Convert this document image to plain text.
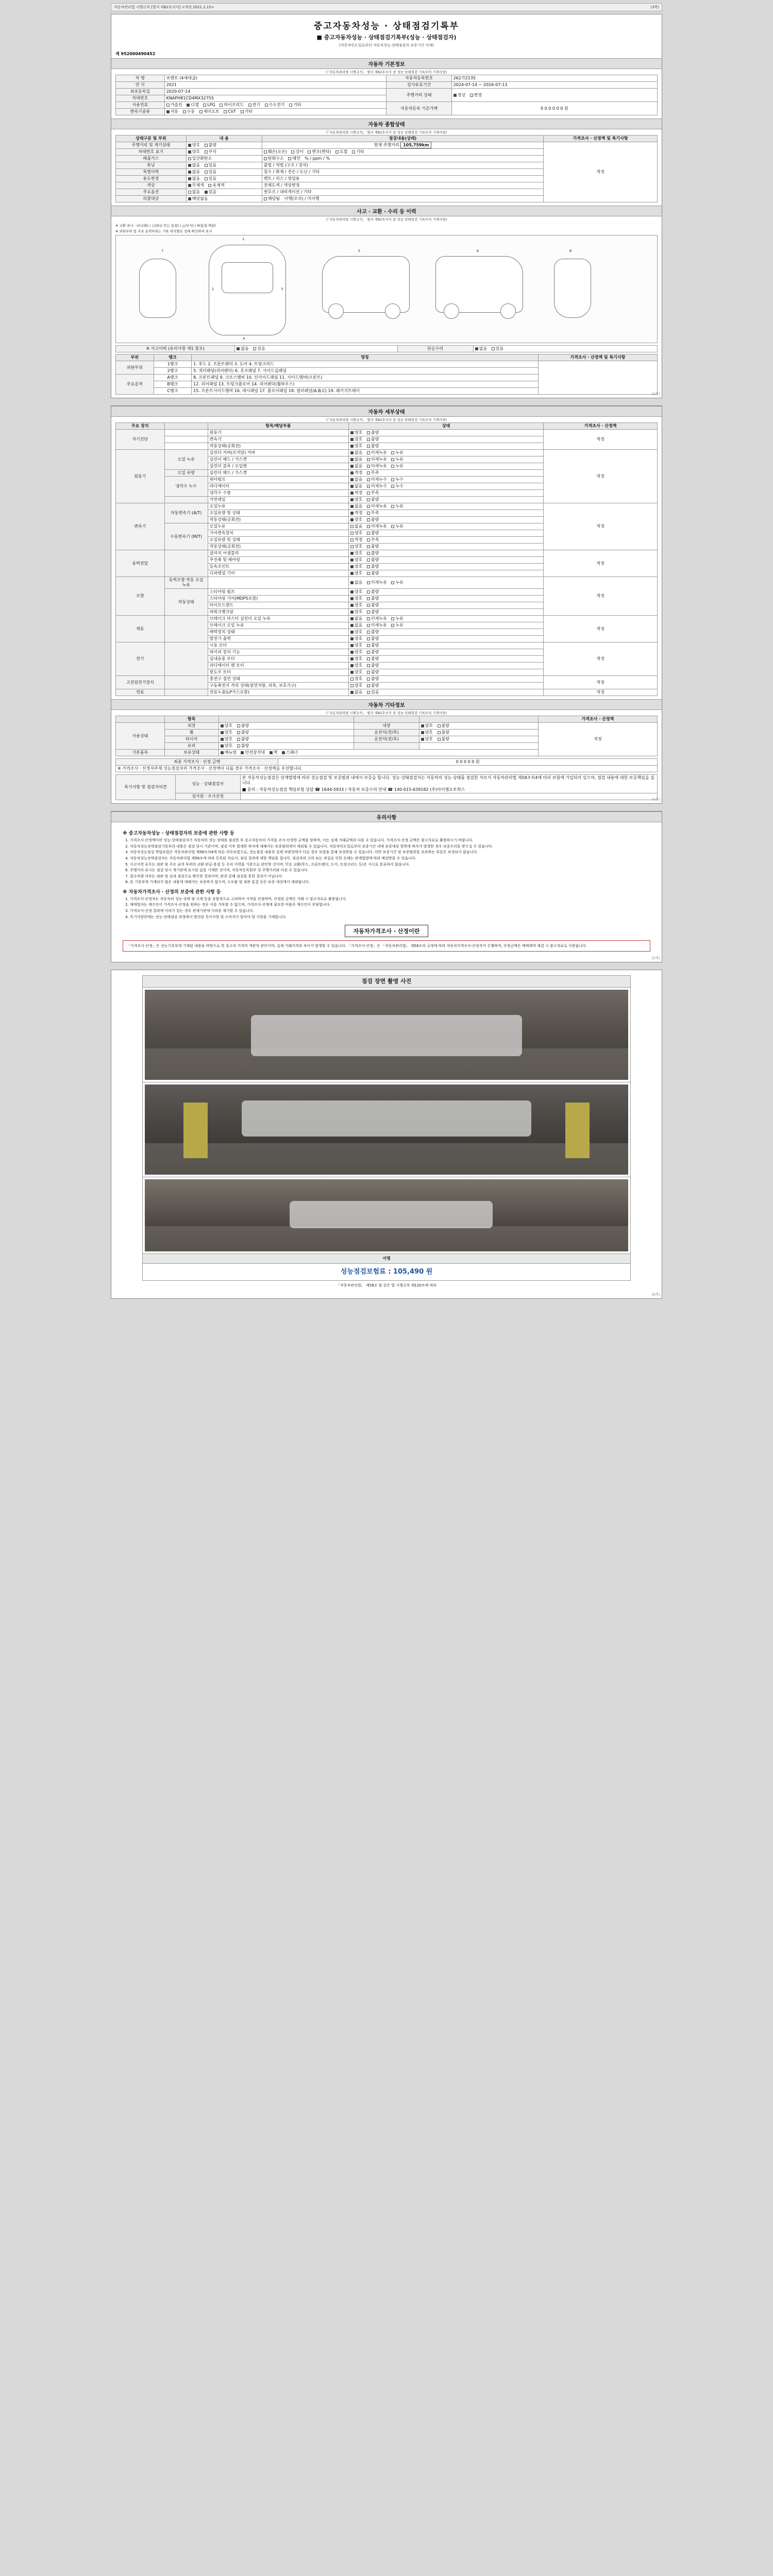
자동차관리법 시행규칙 [별지 제82호서식] <개정 2021.1.15>	(3쪽)
중고자동차성능 · 상태점검기록부
■ 중고자동차성능 · 상태점검기록부(성능 · 상태점검자)
(자동차인도일로부터 자동차성능·상태점검자 보증기간 이내)
제 952000490452
자동차 기본정보
(「자동차관리법 시행규칙」 별지 제82호서식 중 성능·상태점검 기록부의 기재사항)
차 명	쏘렌토 (4세대급)	자동차등록번호	262가2135
연 식	2021	검사유효기간	2024-07-14 ~ 2026-07-13
최초등록일	2020-07-14	주행거리 상태	정상 변경
차대번호	KNAPH81CD4MX32755		
사용연료	가솔린 디젤 LPG 하이브리드 전기 수소전기 기타	자동차등록 기준가액	0 0 0 0 0 0 원
변속기종류	자동 수동 세미오토 CVT 기타		
자동차 종합상태
(「자동차관리법 시행규칙」 별지 제82호서식 중 성능·상태점검 기록부의 기재사항)
상태구분 및 부위	내 용	점검내용(상태)	가격조사 · 산정액 및 특기사항
주행거리 및 계기상태	양호 불량	현재 주행거리 105,759km	적정
차대번호 표기	양호 부식	훼손(오손) 상이 변조(변타) 도말 기타	
배출가스	일산화탄소	탄화수소 매연 % / ppm / %	
튜닝	없음 있음	불법 / 적법 (구조 / 장치)	
특별이력	없음 있음	침수 / 화재 / 전손 / 도난 / 기타	
용도변경	없음 있음	렌트 / 리스 / 영업용	
색상	무채색 유채색	전체도색 / 색상변경	
주요옵션	없음 있음	썬루프 / 내비게이션 / 기타	
리콜대상	해당없음	해당됨 이행(조치) / 미이행	
사고 · 교환 · 수리 등 이력
(「자동차관리법 시행규칙」 별지 제82호서식 중 성능·상태점검 기록부의 기재사항)
※ 교환 표시 : ⊙(교환) / ○(판금 또는 용접) / △(부식) / X(흠집·깨짐)
※ 외판부위 및 주요 골격부위는 기록 위치별로 상태 확인하여 표시
1
2	3
4
5	6
7	8
※ 사고이력 (유의사항 제1 참조)	없음 있음	단순수리	없음 있음
부위	랭크	명칭	가격조사 · 산정액 및 특기사항
외판부위	1랭크	1. 후드 2. 프론트펜더 3. 도어 4. 트렁크리드	
	2랭크	5. 쿼터패널(리어펜더) 6. 루프패널 7. 사이드실패널	
주요골격	A랭크	8. 프론트패널 9. 크로스멤버 10. 인사이드패널 11. 사이드멤버(프론트)	
	B랭크	12. 리어패널 13. 트렁크플로어 14. 리어펜더(휠하우스)	
	C랭크	15. 프론트사이드멤버 16. 대시패널 17. 플로어패널 18. 필러패널(A,B,C) 19. 패키지트레이	
(3쪽)
자동차 세부상태
(「자동차관리법 시행규칙」 별지 제82호서식 중 성능·상태점검 기록부의 기재사항)
주요 장치		항목/해당부품	상태	가격조사 · 산정액
자기진단		원동기	양호 불량	적정
		변속기	양호 불량	
		작동상태(공회전)	양호 불량	
원동기	오일 누유	실린더 커버(로커암) 커버	없음 미세누유 누유	적정
		실린더 헤드 / 가스켓	없음 미세누유 누유	
		실린더 블록 / 오일팬	없음 미세누유 누유	
	오일 유량	실린더 헤드 / 가스켓	적정 부족	
	냉각수 누수	워터펌프	없음 미세누수 누수	
		라디에이터	없음 미세누수 누수	
		냉각수 수량	적정 부족	
		커먼레일	양호 불량	
변속기	자동변속기 (A/T)	오일누유	없음 미세누유 누유	적정
		오일유량 및 상태	적정 부족	
		작동상태(공회전)	양호 불량	
	수동변속기 (M/T)	오일누유	없음 미세누유 누유	
		기어변속장치	양호 불량	
		오일유량 및 상태	적정 부족	
		작동상태(공회전)	양호 불량	
동력전달		클러치 어셈블리	양호 불량	적정
		추진축 및 베어링	양호 불량	
		등속조인트	양호 불량	
		디퍼렌셜 기어	양호 불량	
조향	동력조향 작동 오일 누유		없음 미세누유 누유	적정
	작동상태	스티어링 펌프	양호 불량	
		스티어링 기어(MDPS포함)	양호 불량	
		타이로드엔드	양호 불량	
		파워크랭크암	양호 불량	
제동		브레이크 마스터 실린더 오일 누유	없음 미세누유 누유	적정
		브레이크 오일 누유	없음 미세누유 누유	
		배력장치 상태	양호 불량	
		발전기 출력	양호 불량	
전기		시동 모터	양호 불량	적정
		와이퍼 장치 기능	양호 불량	
		실내송풍 모터	양호 불량	
		라디에이터 팬 모터	양호 불량	
		윈도우 모터	양호 불량	
고전원전기장치		충전구 절연 상태	양호 불량	적정
		구동축전지 격리 상태(절연저항, 피복, 보호기구)	양호 불량	
연료		연료누출(LP가스포함)	없음 있음	적정
자동차 기타정보
(「자동차관리법 시행규칙」 별지 제82호서식 중 성능·상태점검 기록부의 기재사항)
	항목				가격조사 · 산정액
사용상태	외장	양호 불량	내장	양호 불량	적정
	휠	양호 불량	운전석(전/후)	양호 불량	
	타이어	양호 불량	운전석(전/후)	양호 불량	
	유리	양호 불량			
기본품목	보유상태	매뉴얼 안전삼각대 잭 스패너			
최종 가격조사 · 산정 금액	0 0 0 0 0 원
※ 가격조사 · 산정자주체 성능점검자의 가격조사 · 산정액이 다를 경우 가격조사 · 산정액을 우선합니다.
특기사항 및 점검자의견	성능 · 상태점검자	본 자동차성능점검은 관계법령에 따라 성능점검 및 보증범위 내에서 보증을 합니다. 성능·상태점검자는 자동차의 성능·상태를 점검한 자로서 자동차관리법 제58조의4에 따라 보험에 가입되어 있으며, 점검 내용에 대한 보증책임을 집니다.
■ 문의 : 자동차성능점검 책임보험 상담 ☎ 1644-5933 / 자동차 보증수리 안내 ☎ 140-015-639182 (주)아이엠오토웍스

	검사원 · 조사산정	
(4쪽)
유의사항
※ 중고자동차성능 · 상태점검자의 보증에 관한 사항 등
1. 가격조사·산정액이란 성능·상태점검자가 자동차의 성능·상태를 점검한 후 중고자동차의 가격을 조사·산정한 금액을 말하며, 이는 실제 거래금액과 다를 수 있습니다. 가격조사·산정 금액은 참고자료로 활용하시기 바랍니다.
2. 자동차성능상태점검기록부의 내용은 점검 당시 기준이며, 점검 이후 발생한 하자에 대해서는 보증범위에서 제외될 수 있습니다. 자동차인도일로부터 보증기간 내에 보증대상 항목에 하자가 발생한 경우 보증수리를 받으실 수 있습니다.
3. 자동차성능점검 책임보험은 자동차관리법 제58조의4에 따른 의무보험으로, 성능점검 내용과 실제 차량상태가 다른 경우 보험을 통해 보상받을 수 있습니다. 다만 보증기간 및 보증범위를 초과하는 부분은 보상되지 않습니다.
4. 자동차성능상태점검자는 자동차관리법 제58조에 따라 등록된 자로서, 점검 결과에 대한 책임을 집니다. 점검자의 고의 또는 과실로 인한 손해는 관계법령에 따라 배상받을 수 있습니다.
5. 사고이력 유무는 외판 및 주요 골격 부위의 교환·판금·용접 등 수리 이력을 기준으로 판단한 것이며, 단순 교환(후드, 프론트펜더, 도어, 트렁크리드 등)은 사고로 분류하지 않습니다.
6. 주행거리 표시는 점검 당시 계기판에 표시된 값을 기재한 것이며, 자동차등록원부 상 주행거리와 다를 수 있습니다.
7. 침수차량 여부는 외관 및 실내 점검으로 확인한 결과이며, 완전 분해 점검을 통한 결과가 아닙니다.
8. 본 기록부에 기재되지 않은 내용에 대해서는 보증하지 않으며, 소모품 및 외관 흠집 등은 보증 대상에서 제외됩니다.
※ 자동차가격조사 · 산정의 보증에 관한 사항 등
1. 가격조사·산정자는 자동차의 성능·상태 및 시세 등을 종합적으로 고려하여 가격을 산정하며, 산정된 금액은 거래 시 참고자료로 활용됩니다.
2. 매매업자는 매수인이 가격조사·산정을 원하는 경우 이를 거부할 수 없으며, 가격조사·산정에 필요한 비용은 매수인이 부담합니다.
3. 가격조사·산정 결과에 이의가 있는 경우 관계기관에 이의를 제기할 수 있습니다.
4. 특기사항란에는 성능·상태점검 과정에서 발견된 특이사항 및 소비자가 알아야 할 사항을 기재합니다.
자동차가격조사 · 산정이란
「가격조사·산정」은 성능기록부에 기재된 내용을 바탕으로 한 중고차 가격의 객관적 판단이며, 실제 거래가격과 차이가 발생할 수 있습니다. 「가격조사·산정」은 「자동차관리법」 제58조의 규정에 따라 자동차가격조사·산정자가 수행하며, 산정금액은 매매계약 체결 시 참고자료로 사용됩니다.
(5쪽)
점검 장면 촬영 사진

서명
성능점검보험료 : 105,490 원
「자동차관리법」 제58조 및 같은 법 시행규칙 제120조에 따라
(6쪽)
